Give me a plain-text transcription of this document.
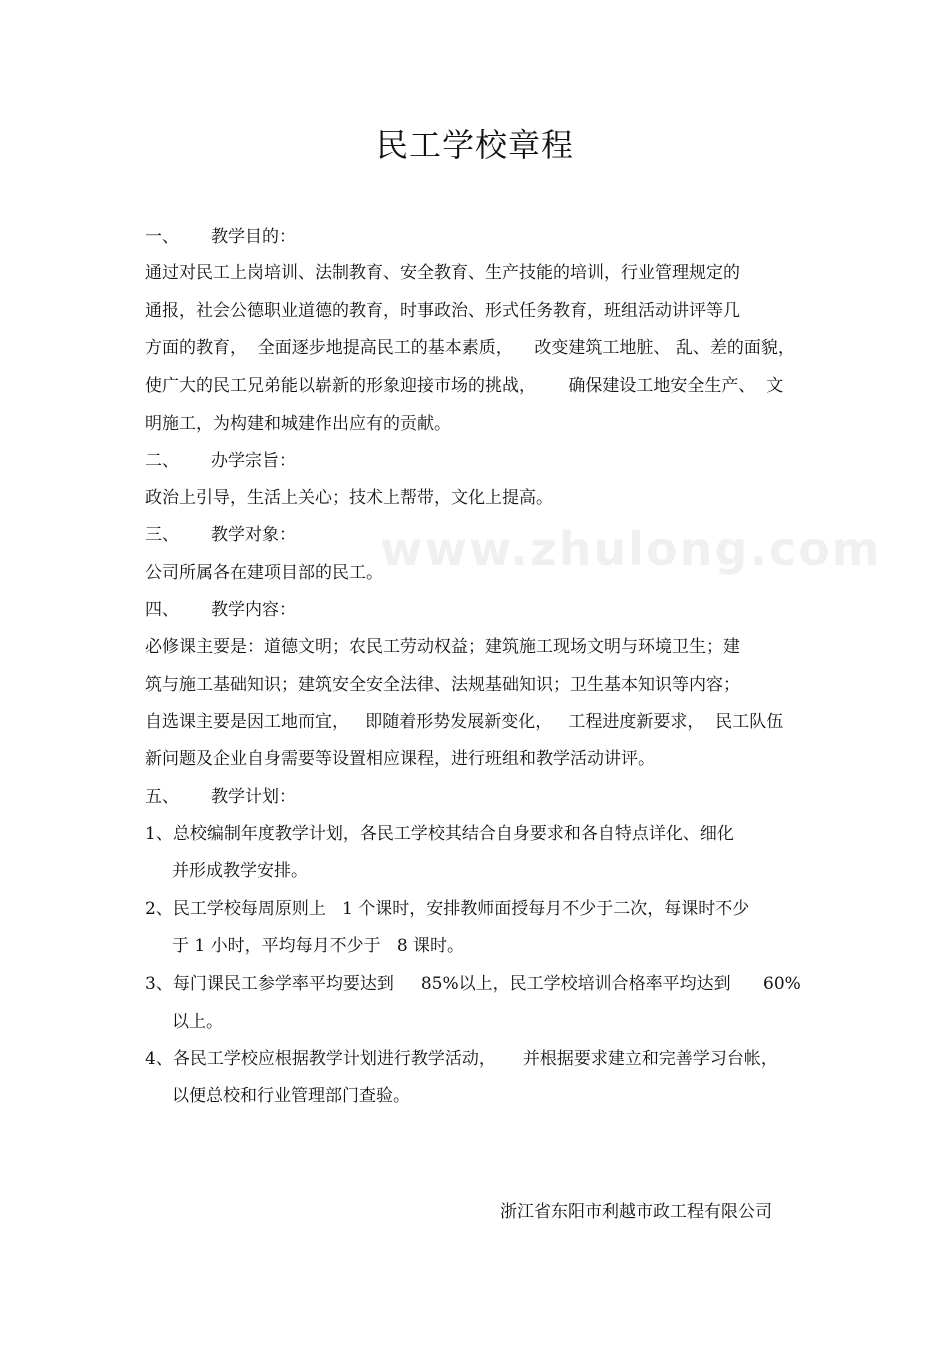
民工学校章程
www.zhulong.com
一、 教学目的：
通过对民工上岗培训、法制教育、安全教育、生产技能的培训，行业管理规定的
通报，社会公德职业道德的教育，时事政治、形式任务教育，班组活动讲评等几
方面的教育，  全面逐步地提高民工的基本素质，    改变建筑工地脏、 乱、差的面貌，
使广大的民工兄弟能以崭新的形象迎接市场的挑战，      确保建设工地安全生产、  文
明施工，为构建和城建作出应有的贡献。
二、 办学宗旨：
政治上引导，生活上关心；技术上帮带，文化上提高。
三、 教学对象：
公司所属各在建项目部的民工。
四、 教学内容：
必修课主要是：道德文明；农民工劳动权益；建筑施工现场文明与环境卫生；建
筑与施工基础知识；建筑安全安全法律、法规基础知识；卫生基本知识等内容；
自选课主要是因工地而宜，   即随着形势发展新变化，   工程进度新要求，  民工队伍
新问题及企业自身需要等设置相应课程，进行班组和教学活动讲评。
五、 教学计划：
1、总校编制年度教学计划，各民工学校其结合自身要求和各自特点详化、细化
并形成教学安排。
2、民工学校每周原则上   1 个课时，安排教师面授每月不少于二次，每课时不少
于 1 小时，平均每月不少于   8 课时。
3、每门课民工参学率平均要达到     85%以上，民工学校培训合格率平均达到      60%
以上。
4、各民工学校应根据教学计划进行教学活动，     并根据要求建立和完善学习台帐，
以便总校和行业管理部门查验。
浙江省东阳市利越市政工程有限公司
